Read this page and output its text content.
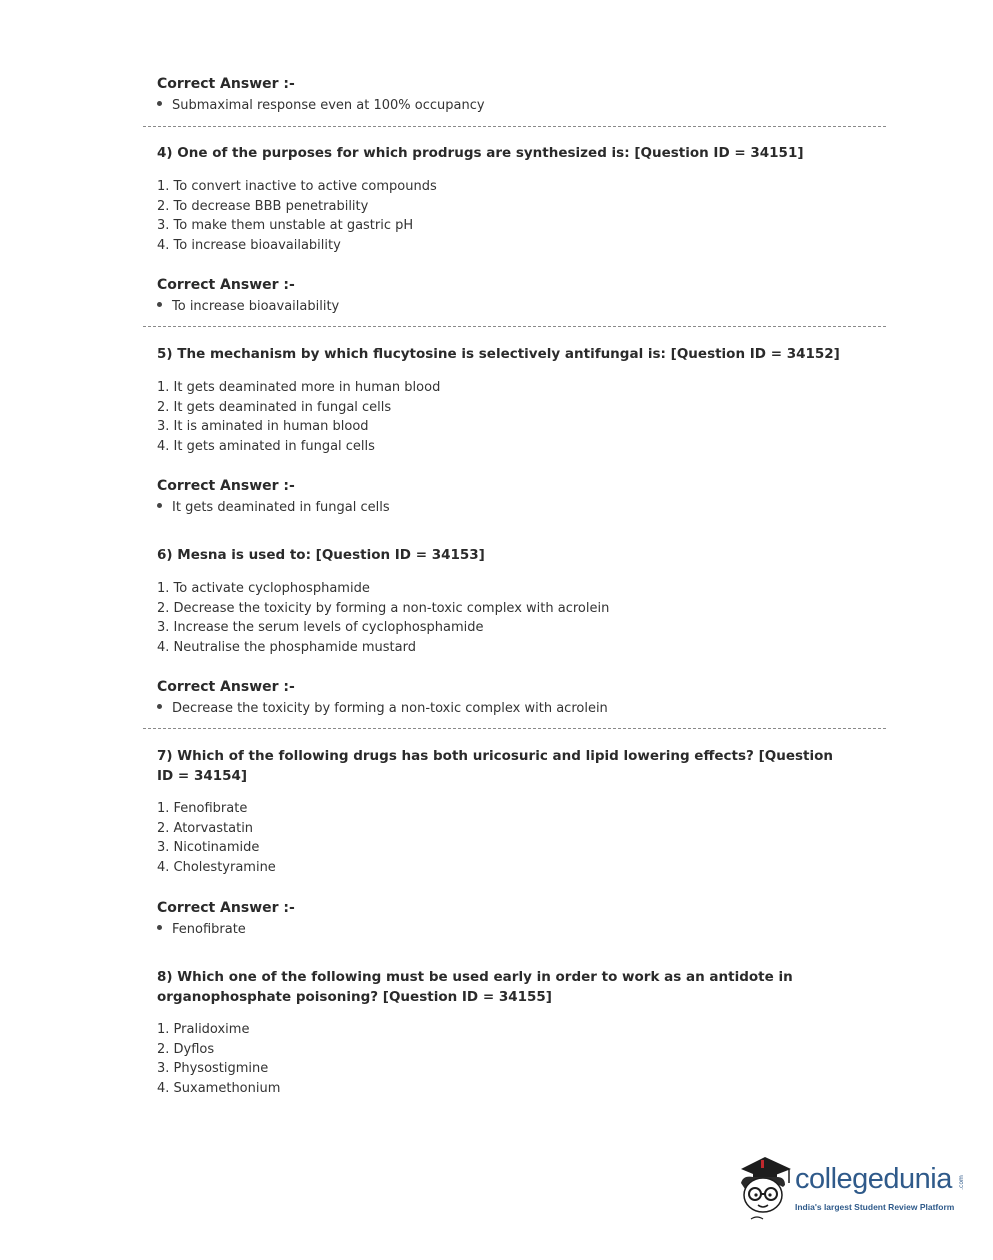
Correct Answer :-
Submaximal response even at 100% occupancy
4) One of the purposes for which prodrugs are synthesized is: [Question ID = 34151]
1. To convert inactive to active compounds
2. To decrease BBB penetrability
3. To make them unstable at gastric pH
4. To increase bioavailability
Correct Answer :-
To increase bioavailability
5) The mechanism by which flucytosine is selectively antifungal is: [Question ID = 34152]
1. It gets deaminated more in human blood
2. It gets deaminated in fungal cells
3. It is aminated in human blood
4. It gets aminated in fungal cells
Correct Answer :-
It gets deaminated in fungal cells
6) Mesna is used to: [Question ID = 34153]
1. To activate cyclophosphamide
2. Decrease the toxicity by forming a non-toxic complex with acrolein
3. Increase the serum levels of cyclophosphamide
4. Neutralise the phosphamide mustard
Correct Answer :-
Decrease the toxicity by forming a non-toxic complex with acrolein
7) Which of the following drugs has both uricosuric and lipid lowering effects? [Question ID = 34154]
1. Fenofibrate
2. Atorvastatin
3. Nicotinamide
4. Cholestyramine
Correct Answer :-
Fenofibrate
8) Which one of the following must be used early in order to work as an antidote in organophosphate poisoning? [Question ID = 34155]
1. Pralidoxime
2. Dyflos
3. Physostigmine
4. Suxamethonium
collegedunia .com
India's largest Student Review Platform
